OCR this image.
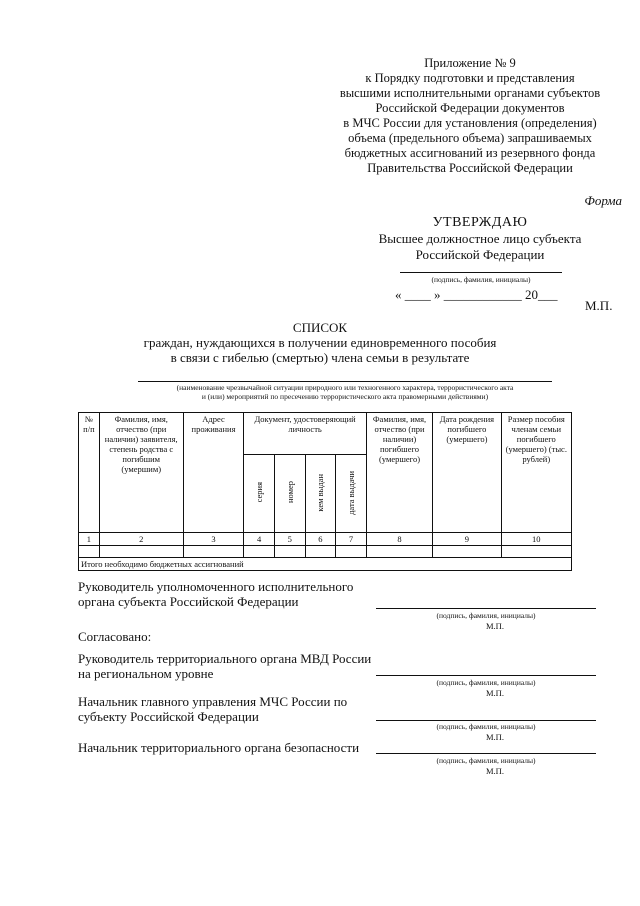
Приложение № 9
к Порядку подготовки и представления
высшими исполнительными органами субъектов
Российской Федерации документов
в МЧС России для установления (определения)
объема (предельного объема) запрашиваемых
бюджетных ассигнований из резервного фонда
Правительства Российской Федерации
Форма
УТВЕРЖДАЮ
Высшее должностное лицо субъекта
Российской Федерации
(подпись, фамилия, инициалы)
« ____ » ____________ 20___
М.П.
СПИСОК
граждан, нуждающихся в получении единовременного пособия
в связи с гибелью (смертью) члена семьи в результате
(наименование чрезвычайной ситуации природного или техногенного характера, террористического акта
и (или) мероприятий по пресечению террористического акта правомерными действиями)
№ п/п	Фамилия, имя, отчество (при наличии) заявителя, степень родства с погибшим (умершим)	Адрес проживания	Документ, удостоверяющий личность				Фамилия, имя, отчество (при наличии) погибшего (умершего)	Дата рождения погибшего (умершего)	Размер пособия членам семьи погибшего (умершего) (тыс. рублей)
			серия	номер	кем выдан	дата выдачи			
1	2	3	4	5	6	7	8	9	10

Итого необходимо бюджетных ассигнований									
Руководитель уполномоченного исполнительного органа субъекта Российской Федерации
(подпись, фамилия, инициалы)
М.П.
Согласовано:
Руководитель территориального органа МВД России на региональном уровне
(подпись, фамилия, инициалы)
М.П.
Начальник главного управления МЧС России по субъекту Российской Федерации
(подпись, фамилия, инициалы)
М.П.
Начальник территориального органа безопасности
(подпись, фамилия, инициалы)
М.П.
